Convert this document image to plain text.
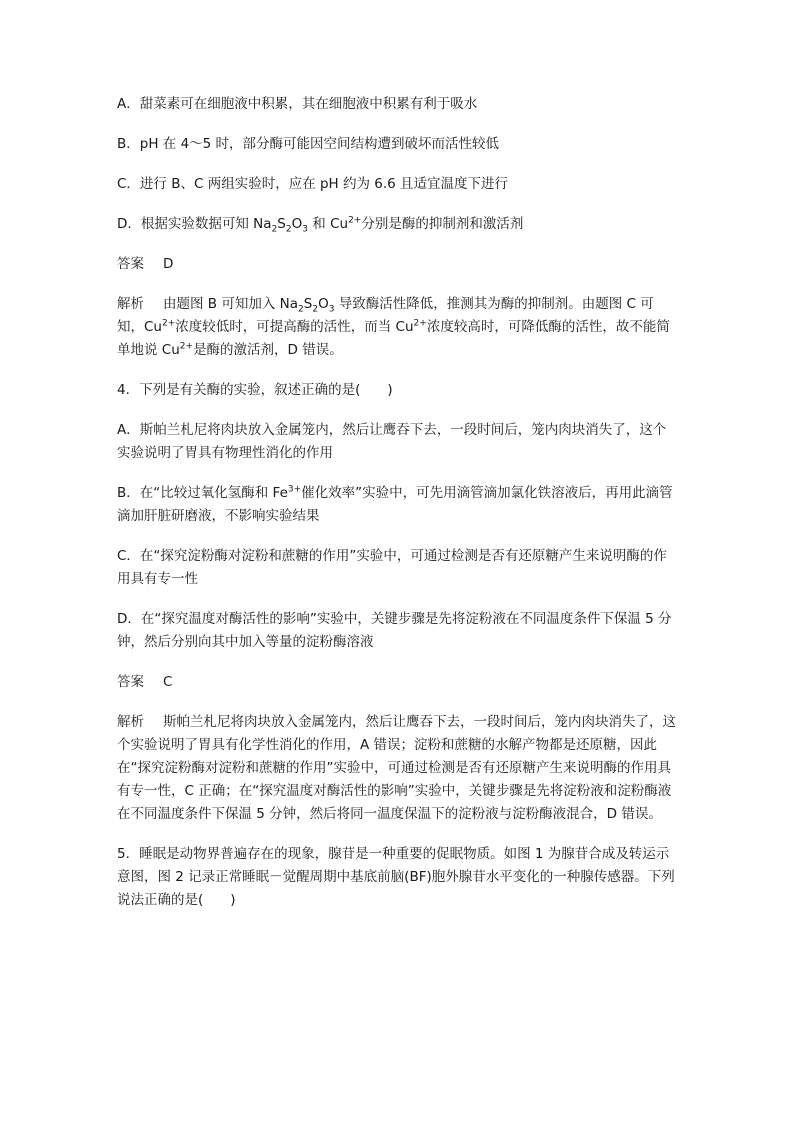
A．甜菜素可在细胞液中积累，其在细胞液中积累有利于吸水

B．pH 在 4～5 时，部分酶可能因空间结构遭到破坏而活性较低

C．进行 B、C 两组实验时，应在 pH 约为 6.6 且适宜温度下进行

D．根据实验数据可知 $Na_2S_2O_3$ 和 $Cu^{2+}$分别是酶的抑制剂和激活剂

答案 D

解析 由题图 B 可知加入 $Na_2S_2O_3$ 导致酶活性降低，推测其为酶的抑制剂。由题图 C 可知，$Cu^{2+}$浓度较低时，可提高酶的活性，而当 $Cu^{2+}$浓度较高时，可降低酶的活性，故不能简单地说 $Cu^{2+}$是酶的激活剂，D 错误。

4．下列是有关酶的实验，叙述正确的是(　　)

A．斯帕兰札尼将肉块放入金属笼内，然后让鹰吞下去，一段时间后，笼内肉块消失了，这个实验说明了胃具有物理性消化的作用

B．在“比较过氧化氢酶和 $Fe^{3+}$催化效率”实验中，可先用滴管滴加氯化铁溶液后，再用此滴管滴加肝脏研磨液，不影响实验结果

C．在“探究淀粉酶对淀粉和蔗糖的作用”实验中，可通过检测是否有还原糖产生来说明酶的作用具有专一性

D．在“探究温度对酶活性的影响”实验中，关键步骤是先将淀粉液在不同温度条件下保温 5 分钟，然后分别向其中加入等量的淀粉酶溶液

答案 C

解析 斯帕兰札尼将肉块放入金属笼内，然后让鹰吞下去，一段时间后，笼内肉块消失了，这个实验说明了胃具有化学性消化的作用，A 错误；淀粉和蔗糖的水解产物都是还原糖，因此在“探究淀粉酶对淀粉和蔗糖的作用”实验中，可通过检测是否有还原糖产生来说明酶的作用具有专一性，C 正确；在“探究温度对酶活性的影响”实验中，关键步骤是先将淀粉液和淀粉酶液在不同温度条件下保温 5 分钟，然后将同一温度保温下的淀粉液与淀粉酶液混合，D 错误。

5．睡眠是动物界普遍存在的现象，腺苷是一种重要的促眠物质。如图 1 为腺苷合成及转运示意图，图 2 记录正常睡眠－觉醒周期中基底前脑(BF)胞外腺苷水平变化的一种腺传感器。下列说法正确的是(　　)
